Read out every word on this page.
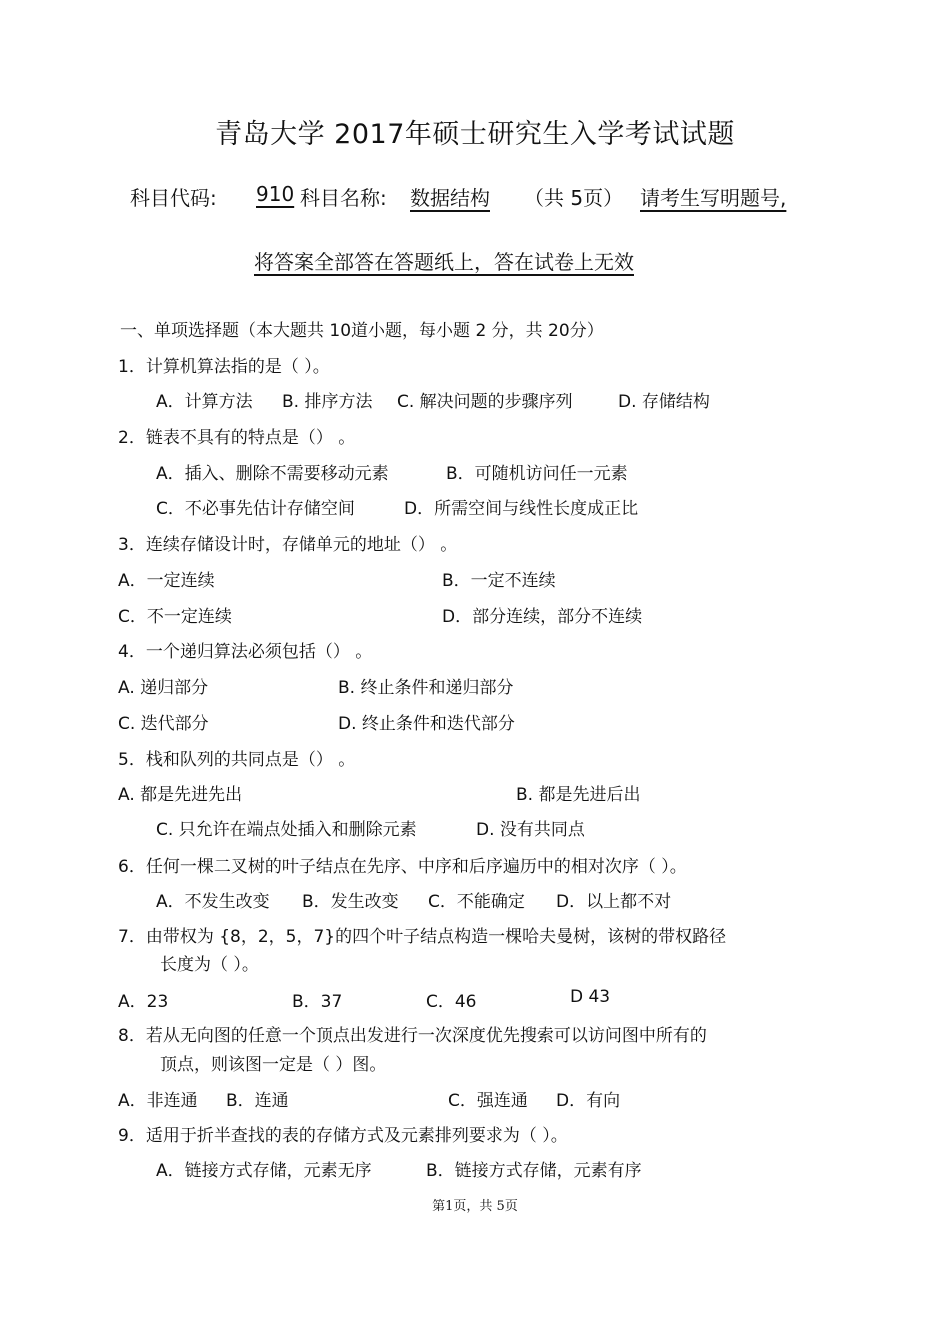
青岛大学 2017年硕士研究生入学考试试题
科目代码: 910 科目名称: 数据结构	（共 5页） 请考生写明题号,
将答案全部答在答题纸上，答在试卷上无效
一、单项选择题（本大题共 10道小题，每小题 2 分，共 20分）
1．计算机算法指的是（ ）。
A．计算方法 B. 排序方法 C. 解决问题的步骤序列	D. 存储结构
2．链表不具有的特点是（） 。
A．插入、删除不需要移动元素	B．可随机访问任一元素
C．不必事先估计存储空间	D．所需空间与线性长度成正比
3．连续存储设计时，存储单元的地址（） 。
A．一定连续	B．一定不连续
C．不一定连续	D．部分连续，部分不连续
4．一个递归算法必须包括（） 。
A. 递归部分	B. 终止条件和递归部分
C. 迭代部分	D. 终止条件和迭代部分
5．栈和队列的共同点是（） 。
A. 都是先进先出	B. 都是先进后出
C. 只允许在端点处插入和删除元素	D. 没有共同点
6．任何一棵二叉树的叶子结点在先序、中序和后序遍历中的相对次序（ ）。
A．不发生改变 B．发生改变 C．不能确定 D．以上都不对
7．由带权为 {8，2，5，7}的四个叶子结点构造一棵哈夫曼树，该树的带权路径
长度为（ ）。
A．23	B．37	C．46	D 43
8．若从无向图的任意一个顶点出发进行一次深度优先搜索可以访问图中所有的
顶点，则该图一定是（ ）图。
A．非连通 B．连通	C．强连通 D．有向
9．适用于折半查找的表的存储方式及元素排列要求为（ ）。
A．链接方式存储，元素无序	B．链接方式存储，元素有序
第1页，共 5页
